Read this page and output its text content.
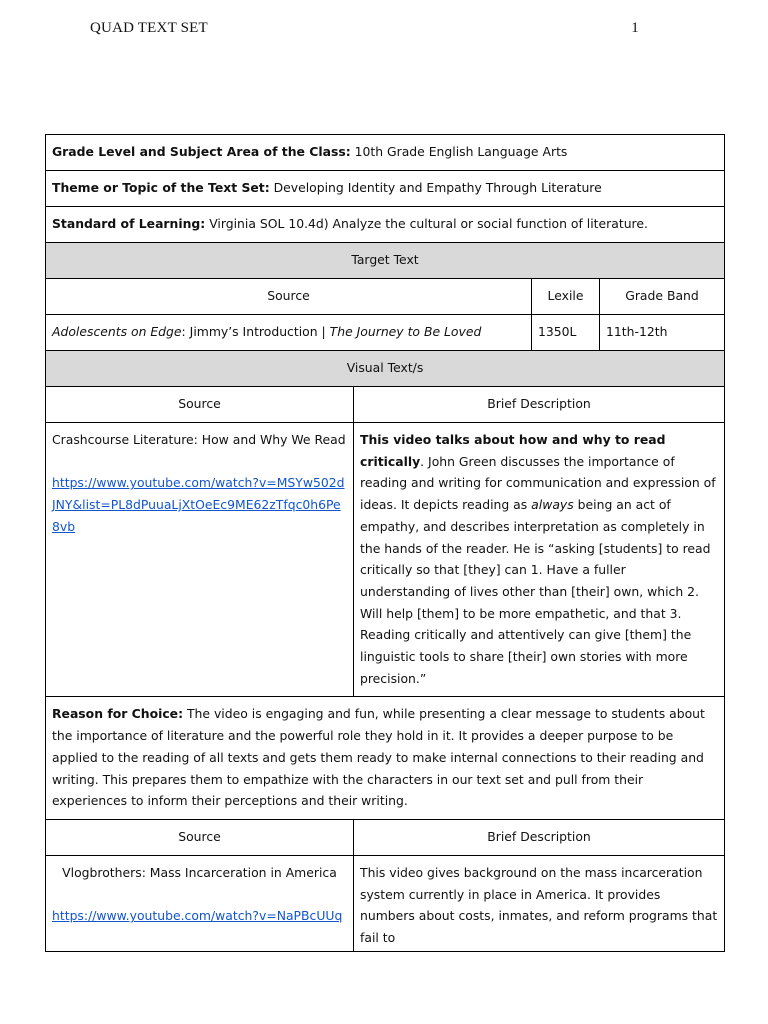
QUAD TEXT SET	1
Grade Level and Subject Area of the Class: 10th Grade English Language Arts			
Theme or Topic of the Text Set: Developing Identity and Empathy Through Literature			
Standard of Learning: Virginia SOL 10.4d) Analyze the cultural or social function of literature.			
Target Text			
Source		Lexile	Grade Band
Adolescents on Edge: Jimmy’s Introduction | The Journey to Be Loved		1350L	11th-12th
Visual Text/s			
Source	Brief Description		

Crashcourse Literature: How and Why We Read
https://www.youtube.com/watch?v=MSYw502dJNY&list=PL8dPuuaLjXtOeEc9ME62zTfqc0h6Pe8vb	This video talks about how and why to read critically. John Green discusses the importance of reading and writing for communication and expression of ideas. It depicts reading as always being an act of empathy, and describes interpretation as completely in the hands of the reader. He is “asking [students] to read critically so that [they] can 1. Have a fuller understanding of lives other than [their] own, which 2. Will help [them] to be more empathetic, and that 3. Reading critically and attentively can give [them] the linguistic tools to share [their] own stories with more precision.”		
Reason for Choice: The video is engaging and fun, while presenting a clear message to students about the importance of literature and the powerful role they hold in it. It provides a deeper purpose to be applied to the reading of all texts and gets them ready to make internal connections to their reading and writing. This prepares them to empathize with the characters in our text set and pull from their experiences to inform their perceptions and their writing.			
Source	Brief Description		

Vlogbrothers: Mass Incarceration in America
https://www.youtube.com/watch?v=NaPBcUUq	This video gives background on the mass incarceration system currently in place in America. It provides numbers about costs, inmates, and reform programs that fail to		
